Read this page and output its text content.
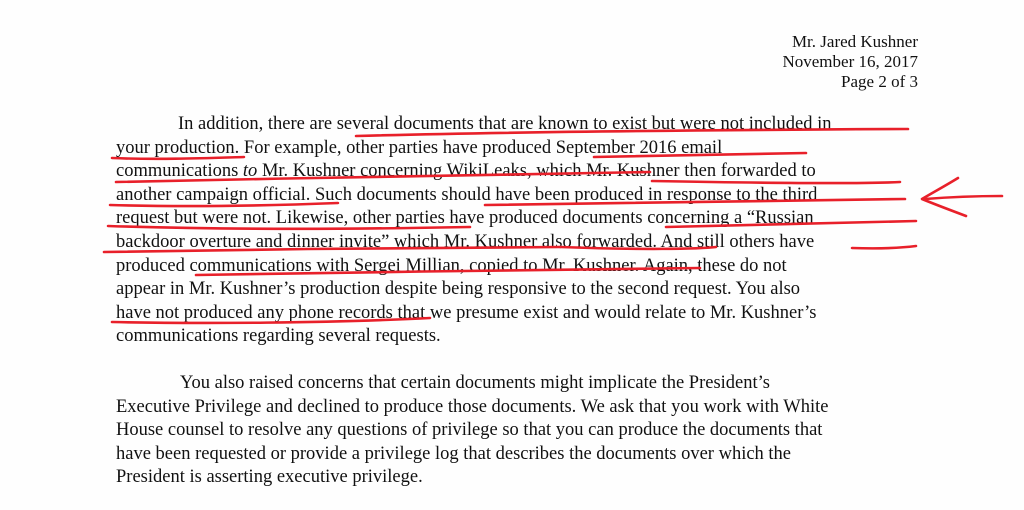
Mr. Jared Kushner
November 16, 2017
Page 2 of 3
In addition, there are several documents that are known to exist but were not included in
your production. For example, other parties have produced September 2016 email
communications to Mr. Kushner concerning WikiLeaks, which Mr. Kushner then forwarded to
another campaign official. Such documents should have been produced in response to the third
request but were not. Likewise, other parties have produced documents concerning a “Russian
backdoor overture and dinner invite” which Mr. Kushner also forwarded. And still others have
produced communications with Sergei Millian, copied to Mr. Kushner. Again, these do not
appear in Mr. Kushner’s production despite being responsive to the second request. You also
have not produced any phone records that we presume exist and would relate to Mr. Kushner’s
communications regarding several requests.
You also raised concerns that certain documents might implicate the President’s
Executive Privilege and declined to produce those documents. We ask that you work with White
House counsel to resolve any questions of privilege so that you can produce the documents that
have been requested or provide a privilege log that describes the documents over which the
President is asserting executive privilege.
